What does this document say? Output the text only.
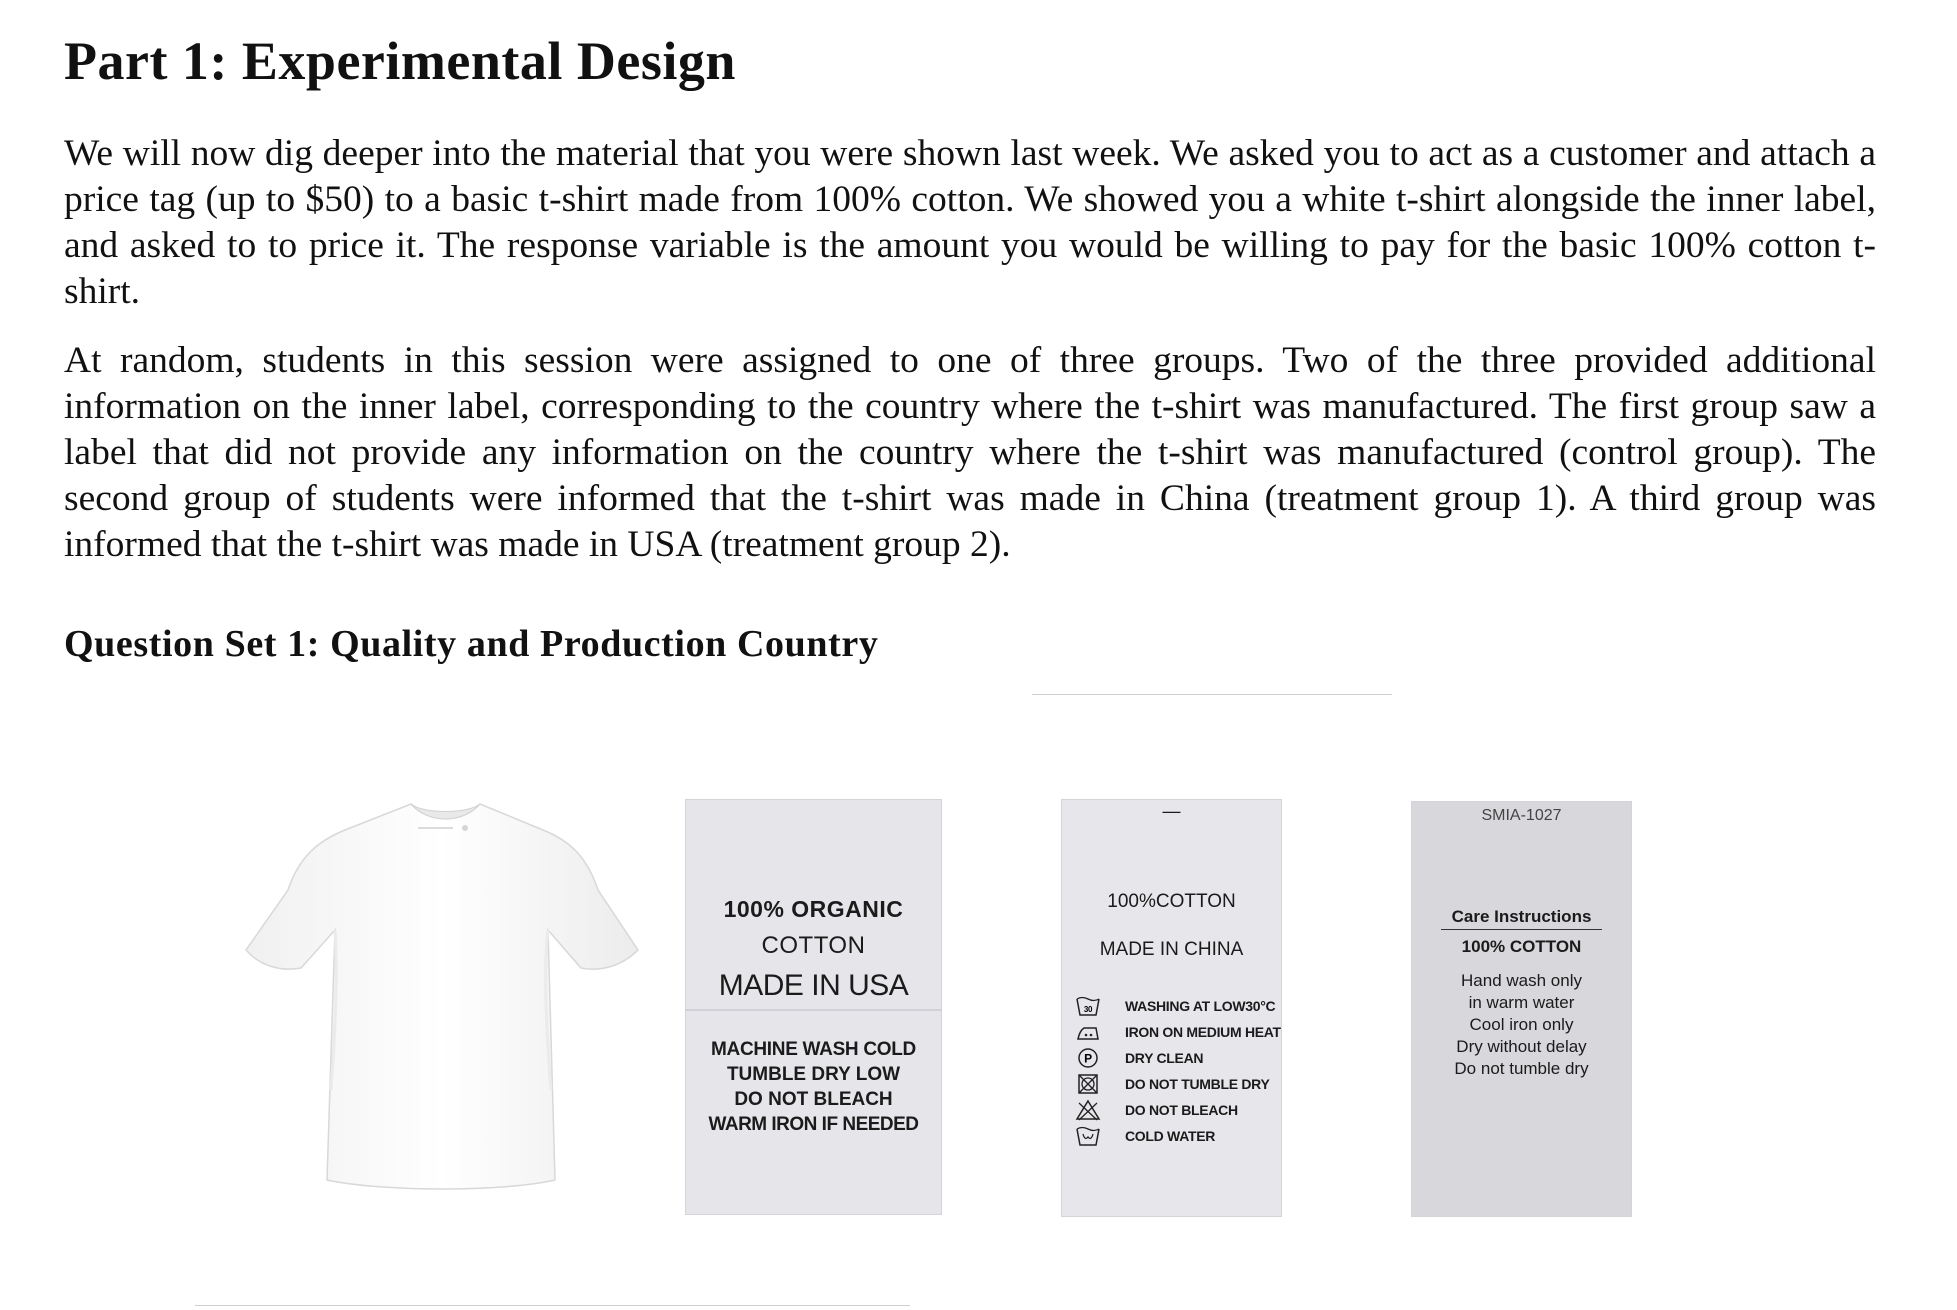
Part 1: Experimental Design

We will now dig deeper into the material that you were shown last week. We asked you to act as a customer and attach a price tag (up to $50) to a basic t-shirt made from 100% cotton. We showed you a white t-shirt alongside the inner label, and asked to to price it. The response variable is the amount you would be willing to pay for the basic 100% cotton t-shirt.

At random, students in this session were assigned to one of three groups. Two of the three provided additional information on the inner label, corresponding to the country where the t-shirt was manufactured. The first group saw a label that did not provide any information on the country where the t-shirt was manufactured (control group). The second group of students were informed that the t-shirt was made in China (treatment group 1). A third group was informed that the t-shirt was made in USA (treatment group 2).

Question Set 1: Quality and Production Country
100% ORGANIC
COTTON
MADE IN USA
MACHINE WASH COLD
TUMBLE DRY LOW
DO NOT BLEACH
WARM IRON IF NEEDED
—
100%COTTON
MADE IN CHINA
30 WASHING AT LOW30°C
IRON ON MEDIUM HEAT
P DRY CLEAN
DO NOT TUMBLE DRY
DO NOT BLEACH
COLD WATER
SMIA-1027
Care Instructions
100% COTTON
Hand wash only
in warm water
Cool iron only
Dry without delay
Do not tumble dry
